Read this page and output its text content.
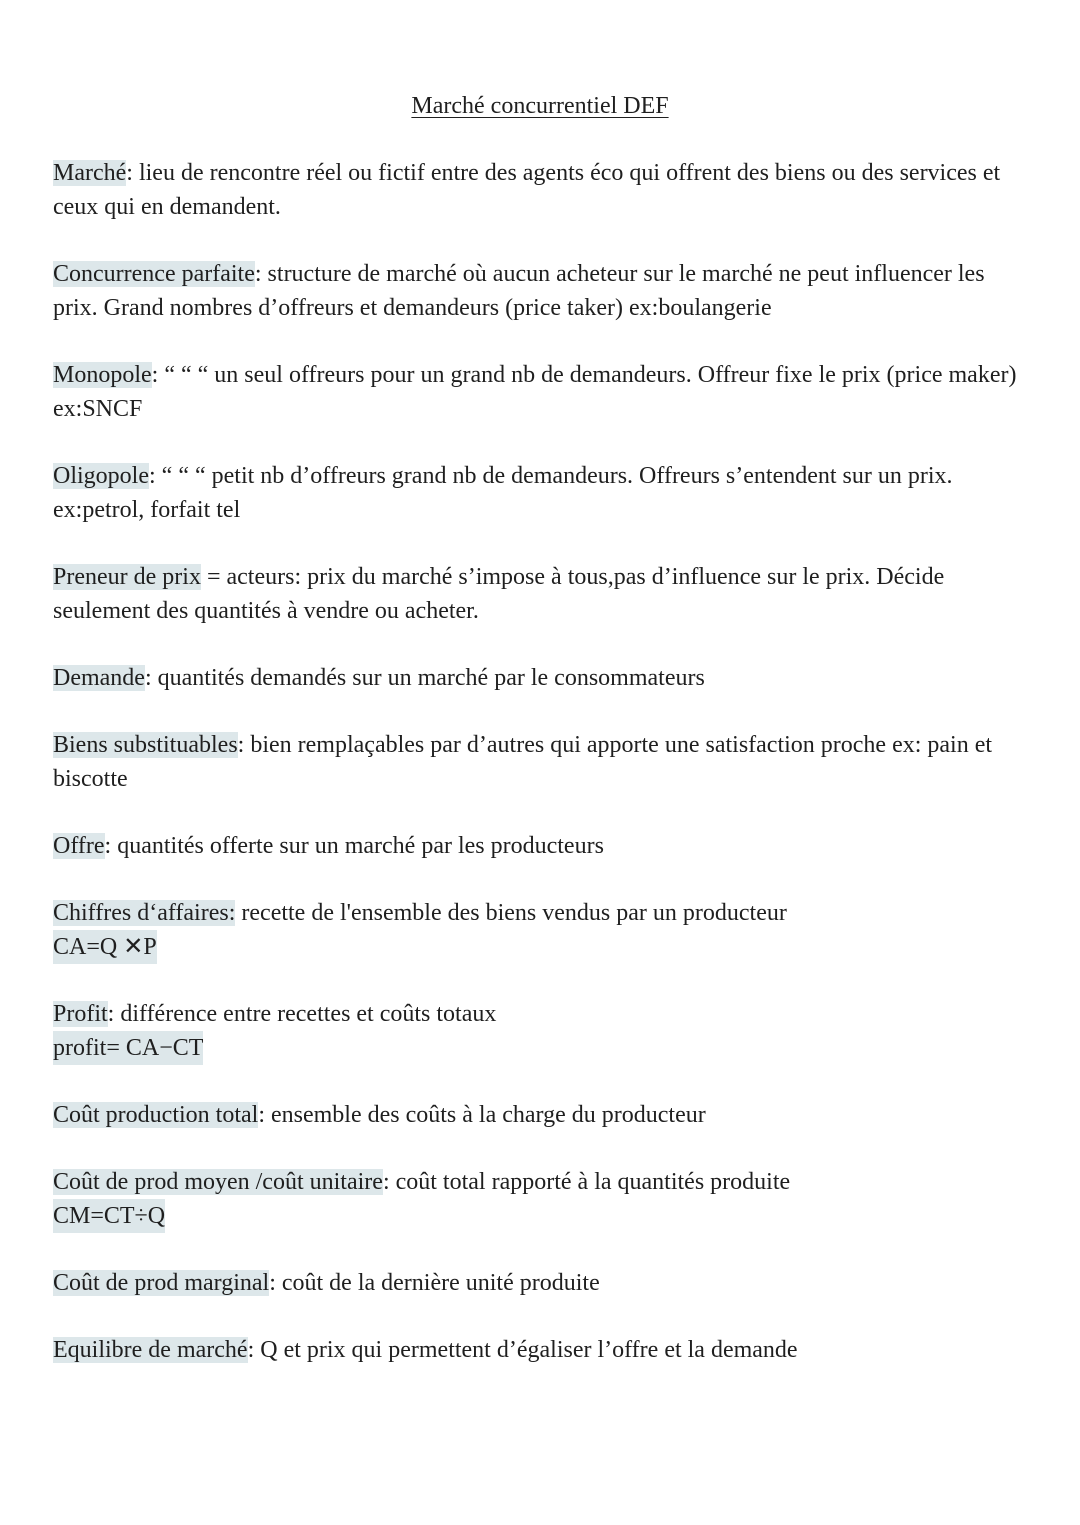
Marché concurrentiel DEF
Marché: lieu de rencontre réel ou fictif entre des agents éco qui offrent des biens ou des services et ceux qui en demandent.
Concurrence parfaite: structure de marché où aucun acheteur sur le marché ne peut influencer les prix. Grand nombres d’offreurs et demandeurs (price taker) ex:boulangerie
Monopole: “ “ “ un seul offreurs pour un grand nb de demandeurs. Offreur fixe le prix (price maker) ex:SNCF
Oligopole: “ “ “ petit nb d’offreurs grand nb de demandeurs. Offreurs s’entendent sur un prix. ex:petrol, forfait tel
Preneur de prix = acteurs: prix du marché s’impose à tous,pas d’influence sur le prix. Décide seulement des quantités à vendre ou acheter.
Demande: quantités demandés sur un marché par le consommateurs
Biens substituables: bien remplaçables par d’autres qui apporte une satisfaction proche ex: pain et biscotte
Offre: quantités offerte sur un marché par les producteurs
Chiffres d‘affaires: recette de l'ensemble des biens vendus par un producteur
CA=Q ✕P
Profit: différence entre recettes et coûts totaux
profit= CA−CT
Coût production total: ensemble des coûts à la charge du producteur
Coût de prod moyen /coût unitaire: coût total rapporté à la quantités produite
CM=CT÷Q
Coût de prod marginal: coût de la dernière unité produite
Equilibre de marché: Q et prix qui permettent d’égaliser l’offre et la demande
